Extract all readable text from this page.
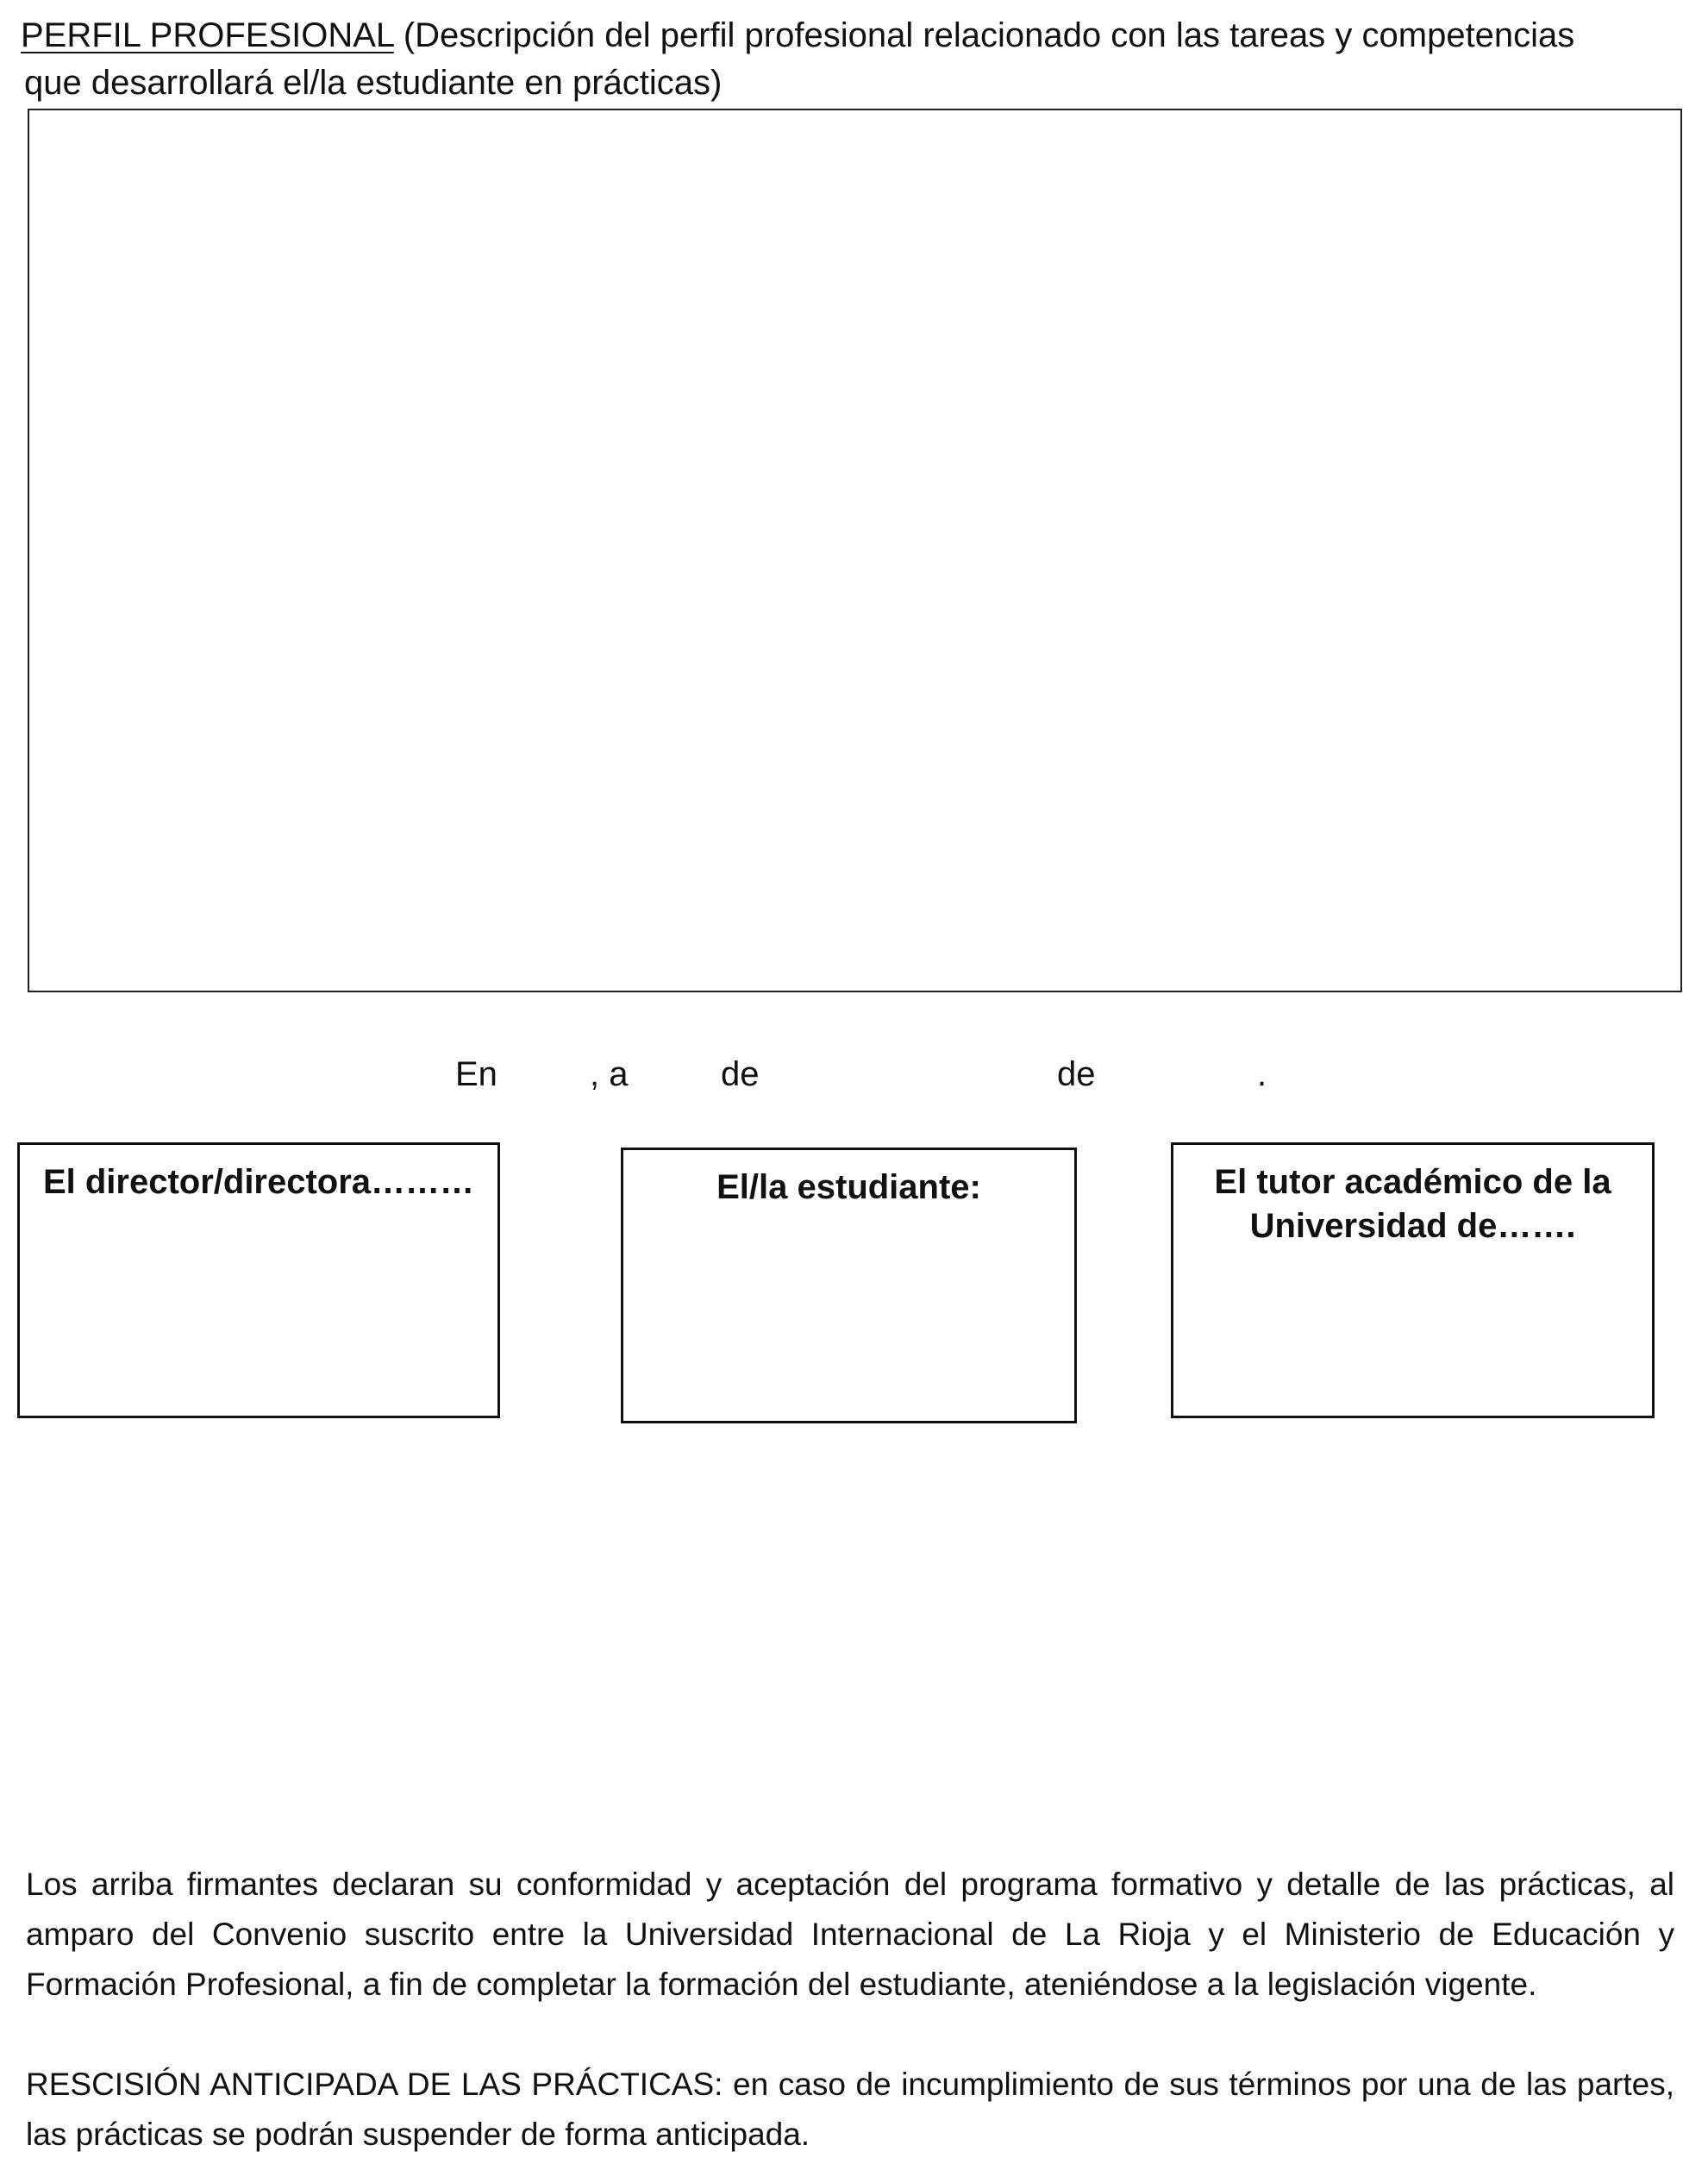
PERFIL PROFESIONAL (Descripción del perfil profesional relacionado con las tareas y competencias
que desarrollará el/la estudiante en prácticas)

En	, a	de	de	.
El director/directora………	El/la estudiante:	El tutor académico de la
Universidad de…….

Los arriba firmantes declaran su conformidad y aceptación del programa formativo y detalle de las prácticas, al amparo del Convenio suscrito entre la Universidad Internacional de La Rioja y el Ministerio de Educación y Formación Profesional, a fin de completar la formación del estudiante, ateniéndose a la legislación vigente.

RESCISIÓN ANTICIPADA DE LAS PRÁCTICAS: en caso de incumplimiento de sus términos por una de las partes, las prácticas se podrán suspender de forma anticipada.
